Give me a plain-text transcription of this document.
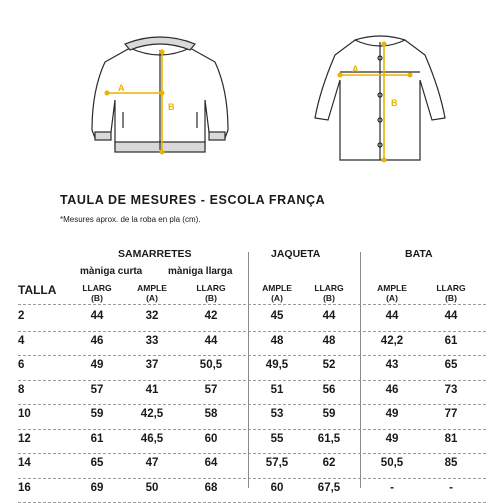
A
B
A
B
TAULA DE MESURES - ESCOLA FRANÇA
*Mesures aprox. de la roba en pla (cm).
SAMARRETES	JAQUETA	BATA
màniga curta	màniga llarga
TALLA	LLARG
(B)
AMPLE
(A)
LLARG
(B)
AMPLE
(A)
LLARG
(B)
AMPLE
(A)
LLARG
(B)
2	44	32	42	45	44	44	44
4	46	33	44	48	48	42,2	61
6	49	37	50,5	49,5	52	43	65
8	57	41	57	51	56	46	73
10	59	42,5	58	53	59	49	77
12	61	46,5	60	55	61,5	49	81
14	65	47	64	57,5	62	50,5	85
16	69	50	68	60	67,5	-	-
